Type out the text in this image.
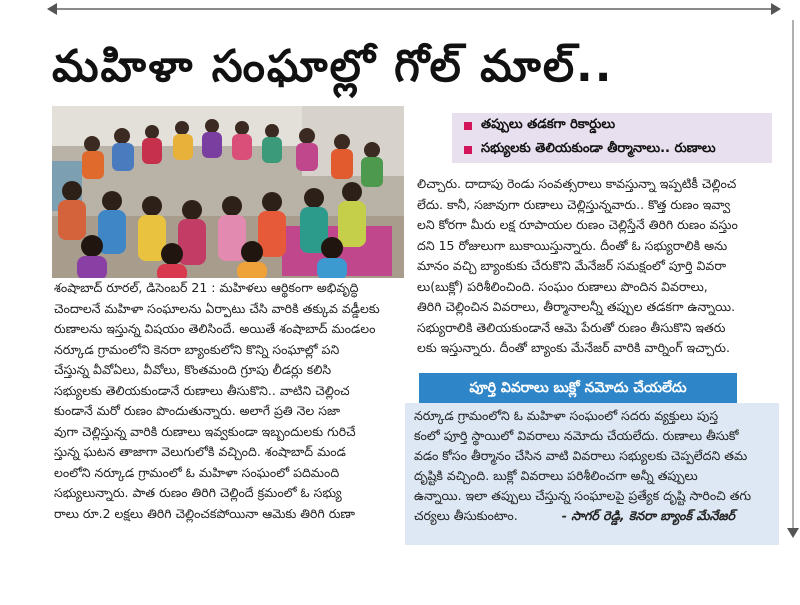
మహిళా సంఘాల్లో గోల్ మాల్..
తప్పులు తడకగా రికార్డులు
సభ్యులకు తెలియకుండా తీర్మానాలు.. రుణాలు
శంషాబాద్ రూరల్, డిసెంబర్ 21 : మహిళలు ఆర్థికంగా అభివృద్ధి
చెందాలనే మహిళా సంఘాలను ఏర్పాటు చేసి వారికి తక్కువ వడ్డీలకు
రుణాలను ఇస్తున్న విషయం తెలిసిందే. అయితే శంషాబాద్ మండలం
నర్కూడ గ్రామంలోని కెనరా బ్యాంకులోని కొన్ని సంఘాల్లో పని
చేస్తున్న వీవోఏలు, వీవోలు, కొంతమంది గ్రూపు లీడర్లు కలిసి
సభ్యులకు తెలియకుండానే రుణాలు తీసుకొని.. వాటిని చెల్లించ
కుండానే మరో రుణం పొందుతున్నారు. అలాగే ప్రతి నెల సజా
వుగా చెల్లిస్తున్న వారికి రుణాలు ఇవ్వకుండా ఇబ్బందులకు గురిచే
స్తున్న ఘటన తాజాగా వెలుగులోకి వచ్చింది. శంషాబాద్ మండ
లంలోని నర్కూడ గ్రామంలో ఓ మహిళా సంఘంలో పదిమంది
సభ్యులున్నారు. పాత రుణం తిరిగి చెల్లిందే క్రమంలో ఓ సభ్యు
రాలు రూ.2 లక్షలు తిరిగి చెల్లించకపోయినా ఆమెకు తిరిగి రుణా
లిచ్చారు. దాదాపు రెండు సంవత్సరాలు కావస్తున్నా ఇప్పటికీ చెల్లించ
లేదు. కానీ, సజావుగా రుణాలు చెల్లిస్తున్నవారు.. కొత్త రుణం ఇవ్వా
లని కోరగా మీరు లక్ష రూపాయల రుణం చెల్లిస్తేనే తిరిగి రుణం వస్తుం
దని 15 రోజులుగా బుకాయిస్తున్నారు. దీంతో ఓ సభ్యురాలికి అను
మానం వచ్చి బ్యాంకుకు చేరుకొని మేనేజర్ సమక్షంలో పూర్తి వివరా
లు(బుక్లో) పరిశీలించింది. సంఘం రుణాలు పొందిన వివరాలు,
తిరిగి చెల్లించిన వివరాలు, తీర్మానాలన్నీ తప్పుల తడకగా ఉన్నాయి.
సభ్యురాలికి తెలియకుండానే ఆమె పేరుతో రుణం తీసుకొని ఇతరు
లకు ఇస్తున్నారు. దీంతో బ్యాంకు మేనేజర్ వారికి వార్నింగ్ ఇచ్చారు.
పూర్తి వివరాలు బుక్లో నమోదు చేయలేదు
నర్కూడ గ్రామంలోని ఓ మహిళా సంఘంలో సదరు వ్యక్తులు పుస్త
కంలో పూర్తి స్థాయిలో వివరాలు నమోదు చేయలేదు. రుణాలు తీసుకో
వడం కోసం తీర్మానం చేసిన వాటి వివరాలు సభ్యులకు చెప్పలేదని తమ
దృష్టికి వచ్చింది. బుక్లో వివరాలు పరిశీలించగా అన్నీ తప్పులు
ఉన్నాయి. ఇలా తప్పులు చేస్తున్న సంఘాలపై ప్రత్యేక దృష్టి సారించి తగు
చర్యలు తీసుకుంటాం.	- సాగర్ రెడ్డి, కెనరా బ్యాంక్ మేనేజర్
